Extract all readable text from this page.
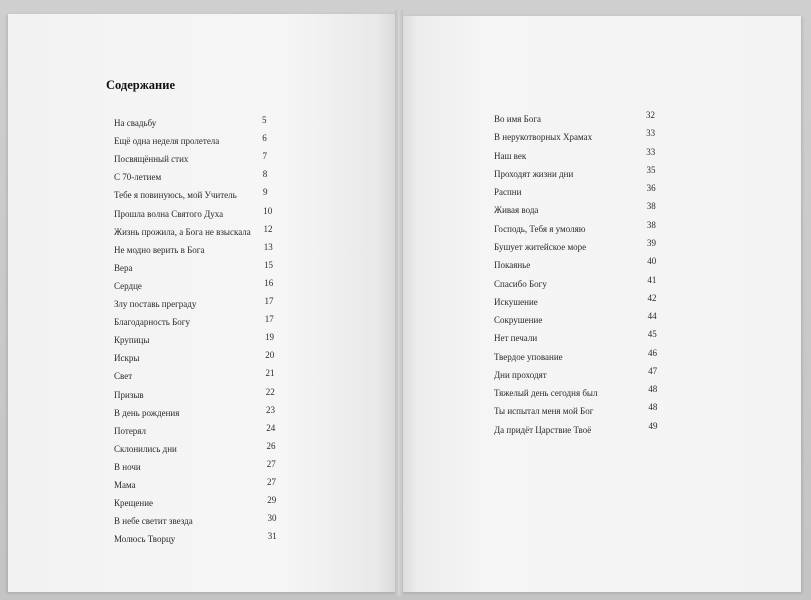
Содержание
На свадьбу	5
Ещё одна неделя пролетела	6
Посвящённый стих	7
С 70-летием	8
Тебе я повинуюсь, мой Учитель	9
Прошла волна Святого Духа	10
Жизнь прожила, а Бога не взыскала 12
Не модно верить в Бога	13
Вера	15
Сердце	16
Злу поставь преграду	17
Благодарность Богу	17
Крупицы	19
Искры	20
Свет	21
Призыв	22
В день рождения	23
Потерял	24
Склонились дни	26
В ночи	27
Мама	27
Крещение	29
В небе светит звезда	30
Молюсь Творцу	31
Во имя Бога	32
В нерукотворных Храмах	33
Наш век	33
Проходят жизни дни	35
Распни	36
Живая вода	38
Господь, Тебя я умоляю	38
Бушует житейское море	39
Покаянье	40
Спасибо Богу	41
Искушение	42
Сокрушение	44
Нет печали	45
Твердое упование	46
Дни проходят	47
Тяжелый день сегодня был	48
Ты испытал меня мой Бог	48
Да придёт Царствие Твоё	49
